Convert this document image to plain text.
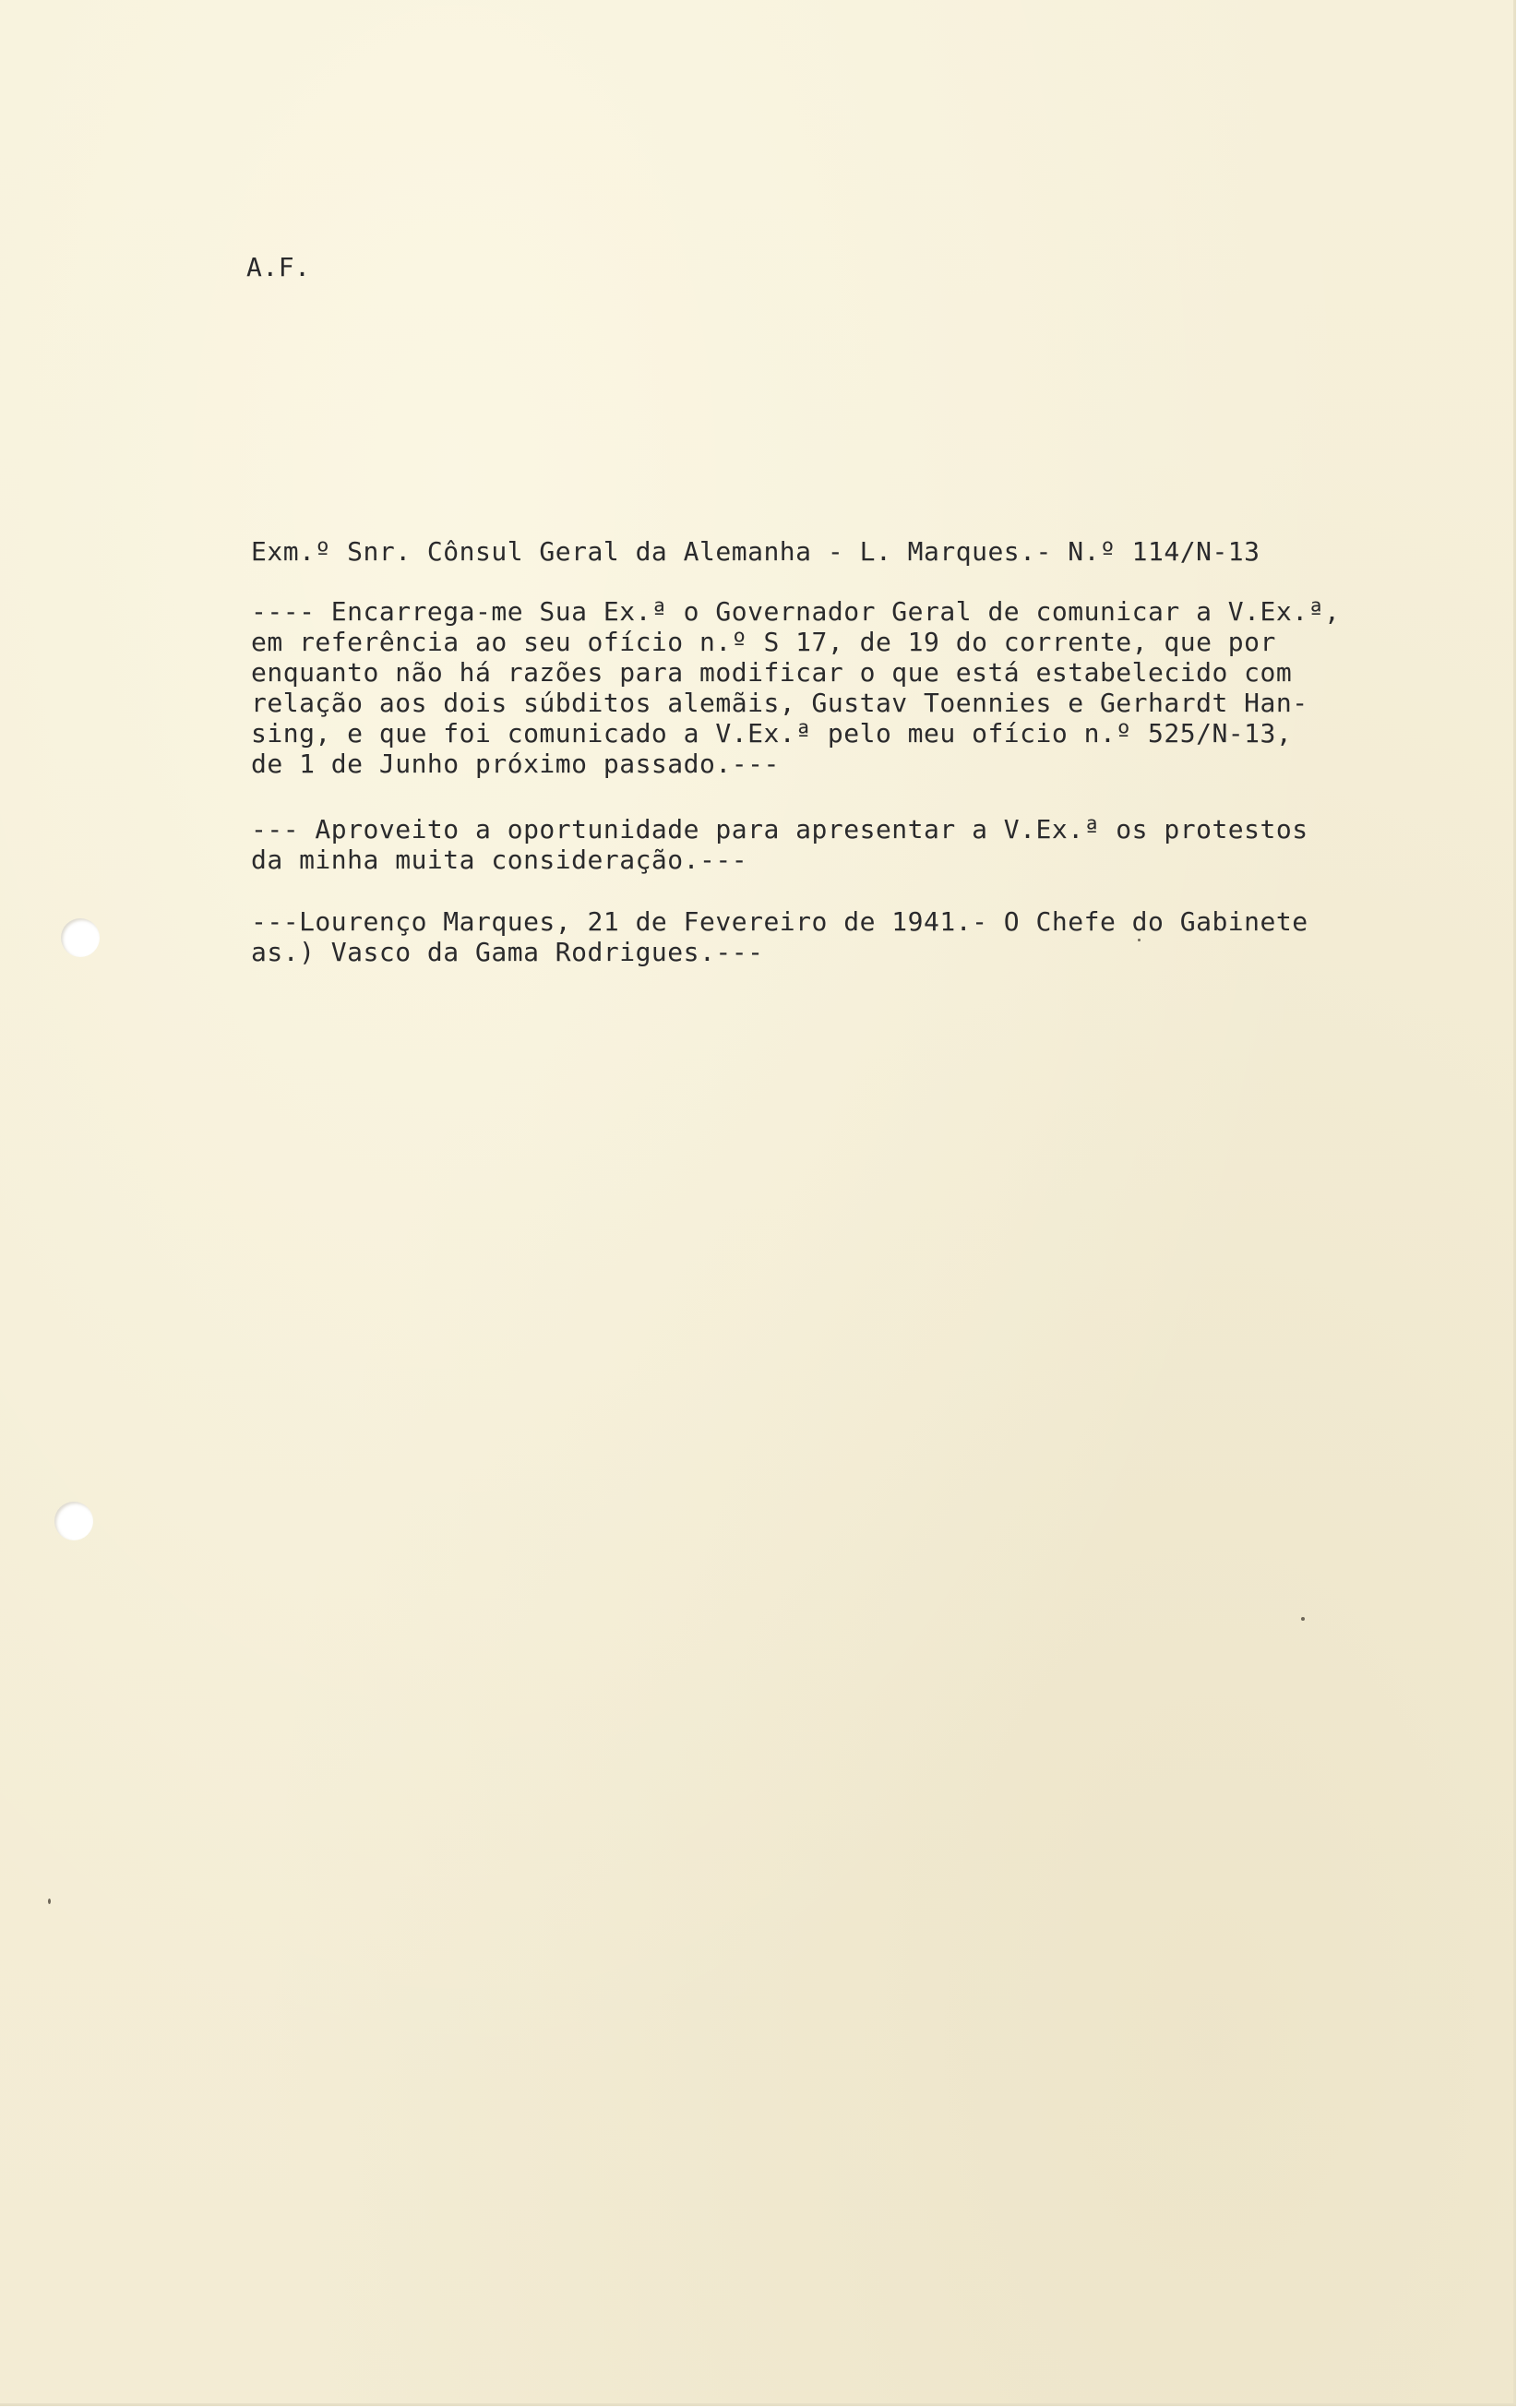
A.F.
Exm.º Snr. Cônsul Geral da Alemanha - L. Marques.- N.º 114/N-13
---- Encarrega-me Sua Ex.ª o Governador Geral de comunicar a V.Ex.ª,
em referência ao seu ofício n.º S 17, de 19 do corrente, que por
enquanto não há razões para modificar o que está estabelecido com
relação aos dois súbditos alemãis, Gustav Toennies e Gerhardt Han-
sing, e que foi comunicado a V.Ex.ª pelo meu ofício n.º 525/N-13,
de 1 de Junho próximo passado.---
--- Aproveito a oportunidade para apresentar a V.Ex.ª os protestos
da minha muita consideração.---
---Lourenço Marques, 21 de Fevereiro de 1941.- O Chefe do Gabinete
as.) Vasco da Gama Rodrigues.---
